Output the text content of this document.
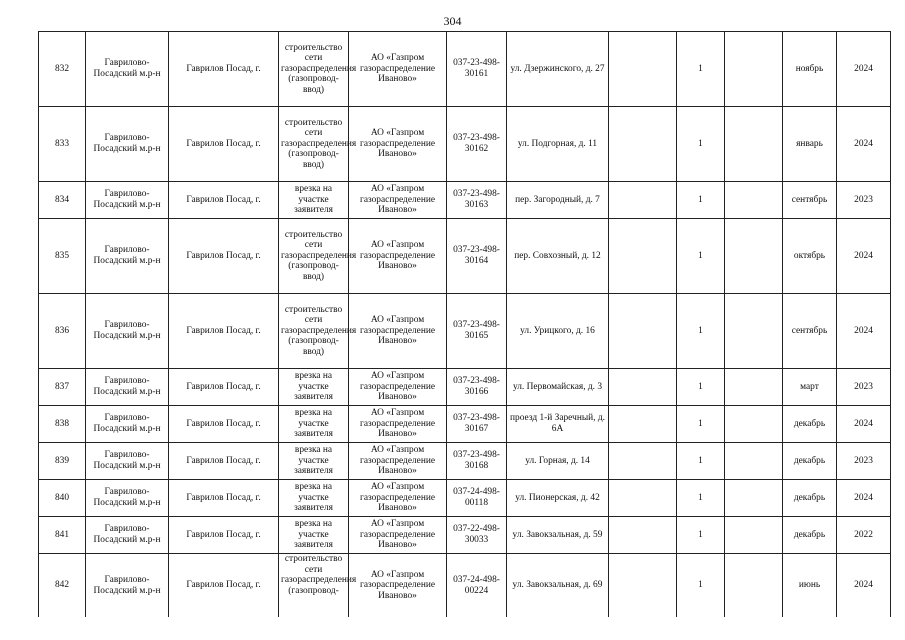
304
832	Гаврилово-Посадский м.р-н	Гаврилов Посад, г.	строительство сети газораспределения (газопровод-ввод)	АО «Газпром газораспределение Иваново»	037-23-498-30161	ул. Дзержинского, д. 27		1		ноябрь	2024
833	Гаврилово-Посадский м.р-н	Гаврилов Посад, г.	строительство сети газораспределения (газопровод-ввод)	АО «Газпром газораспределение Иваново»	037-23-498-30162	ул. Подгорная, д. 11		1		январь	2024
834	Гаврилово-Посадский м.р-н	Гаврилов Посад, г.	врезка на участке заявителя	АО «Газпром газораспределение Иваново»	037-23-498-30163	пер. Загородный, д. 7		1		сентябрь	2023
835	Гаврилово-Посадский м.р-н	Гаврилов Посад, г.	строительство сети газораспределения (газопровод-ввод)	АО «Газпром газораспределение Иваново»	037-23-498-30164	пер. Совхозный, д. 12		1		октябрь	2024
836	Гаврилово-Посадский м.р-н	Гаврилов Посад, г.	строительство сети газораспределения (газопровод-ввод)	АО «Газпром газораспределение Иваново»	037-23-498-30165	ул. Урицкого, д. 16		1		сентябрь	2024
837	Гаврилово-Посадский м.р-н	Гаврилов Посад, г.	врезка на участке заявителя	АО «Газпром газораспределение Иваново»	037-23-498-30166	ул. Первомайская, д. 3		1		март	2023
838	Гаврилово-Посадский м.р-н	Гаврилов Посад, г.	врезка на участке заявителя	АО «Газпром газораспределение Иваново»	037-23-498-30167	проезд 1-й Заречный, д. 6А		1		декабрь	2024
839	Гаврилово-Посадский м.р-н	Гаврилов Посад, г.	врезка на участке заявителя	АО «Газпром газораспределение Иваново»	037-23-498-30168	ул. Горная, д. 14		1		декабрь	2023
840	Гаврилово-Посадский м.р-н	Гаврилов Посад, г.	врезка на участке заявителя	АО «Газпром газораспределение Иваново»	037-24-498-00118	ул. Пионерская, д. 42		1		декабрь	2024
841	Гаврилово-Посадский м.р-н	Гаврилов Посад, г.	врезка на участке заявителя	АО «Газпром газораспределение Иваново»	037-22-498-30033	ул. Завокзальная, д. 59		1		декабрь	2022
842	Гаврилово-Посадский м.р-н	Гаврилов Посад, г.	строительство сети газораспределения (газопровод-	АО «Газпром газораспределение Иваново»	037-24-498-00224	ул. Завокзальная, д. 69		1		июнь	2024
